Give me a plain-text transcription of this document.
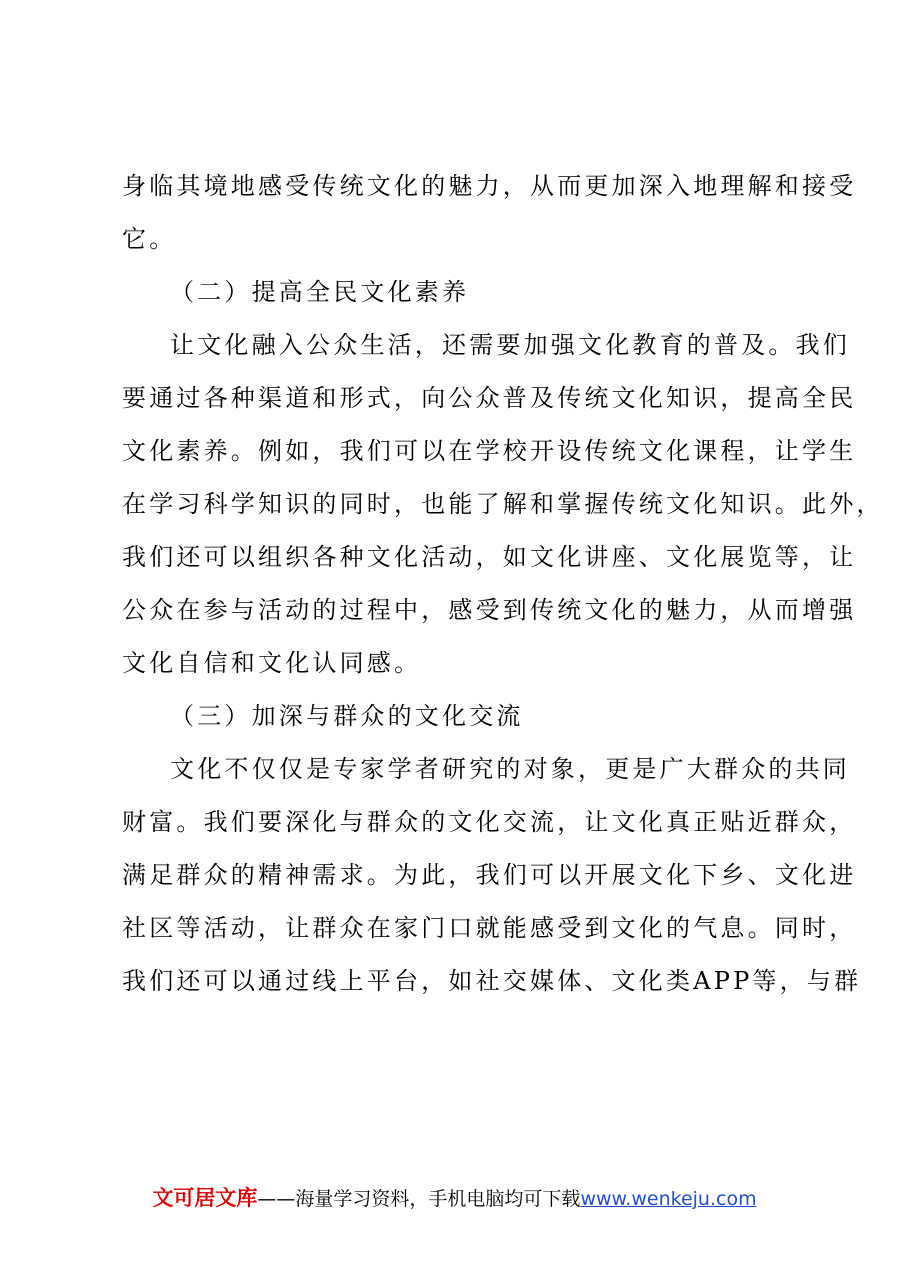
身临其境地感受传统文化的魅力，从而更加深入地理解和接受
它。
（二）提高全民文化素养
让文化融入公众生活，还需要加强文化教育的普及。我们
要通过各种渠道和形式，向公众普及传统文化知识，提高全民
文化素养。例如，我们可以在学校开设传统文化课程，让学生
在学习科学知识的同时，也能了解和掌握传统文化知识。此外，
我们还可以组织各种文化活动，如文化讲座、文化展览等，让
公众在参与活动的过程中，感受到传统文化的魅力，从而增强
文化自信和文化认同感。
（三）加深与群众的文化交流
文化不仅仅是专家学者研究的对象，更是广大群众的共同
财富。我们要深化与群众的文化交流，让文化真正贴近群众，
满足群众的精神需求。为此，我们可以开展文化下乡、文化进
社区等活动，让群众在家门口就能感受到文化的气息。同时，
我们还可以通过线上平台，如社交媒体、文化类APP等，与群
文可居文库——海量学习资料，手机电脑均可下载www.wenkeju.com
